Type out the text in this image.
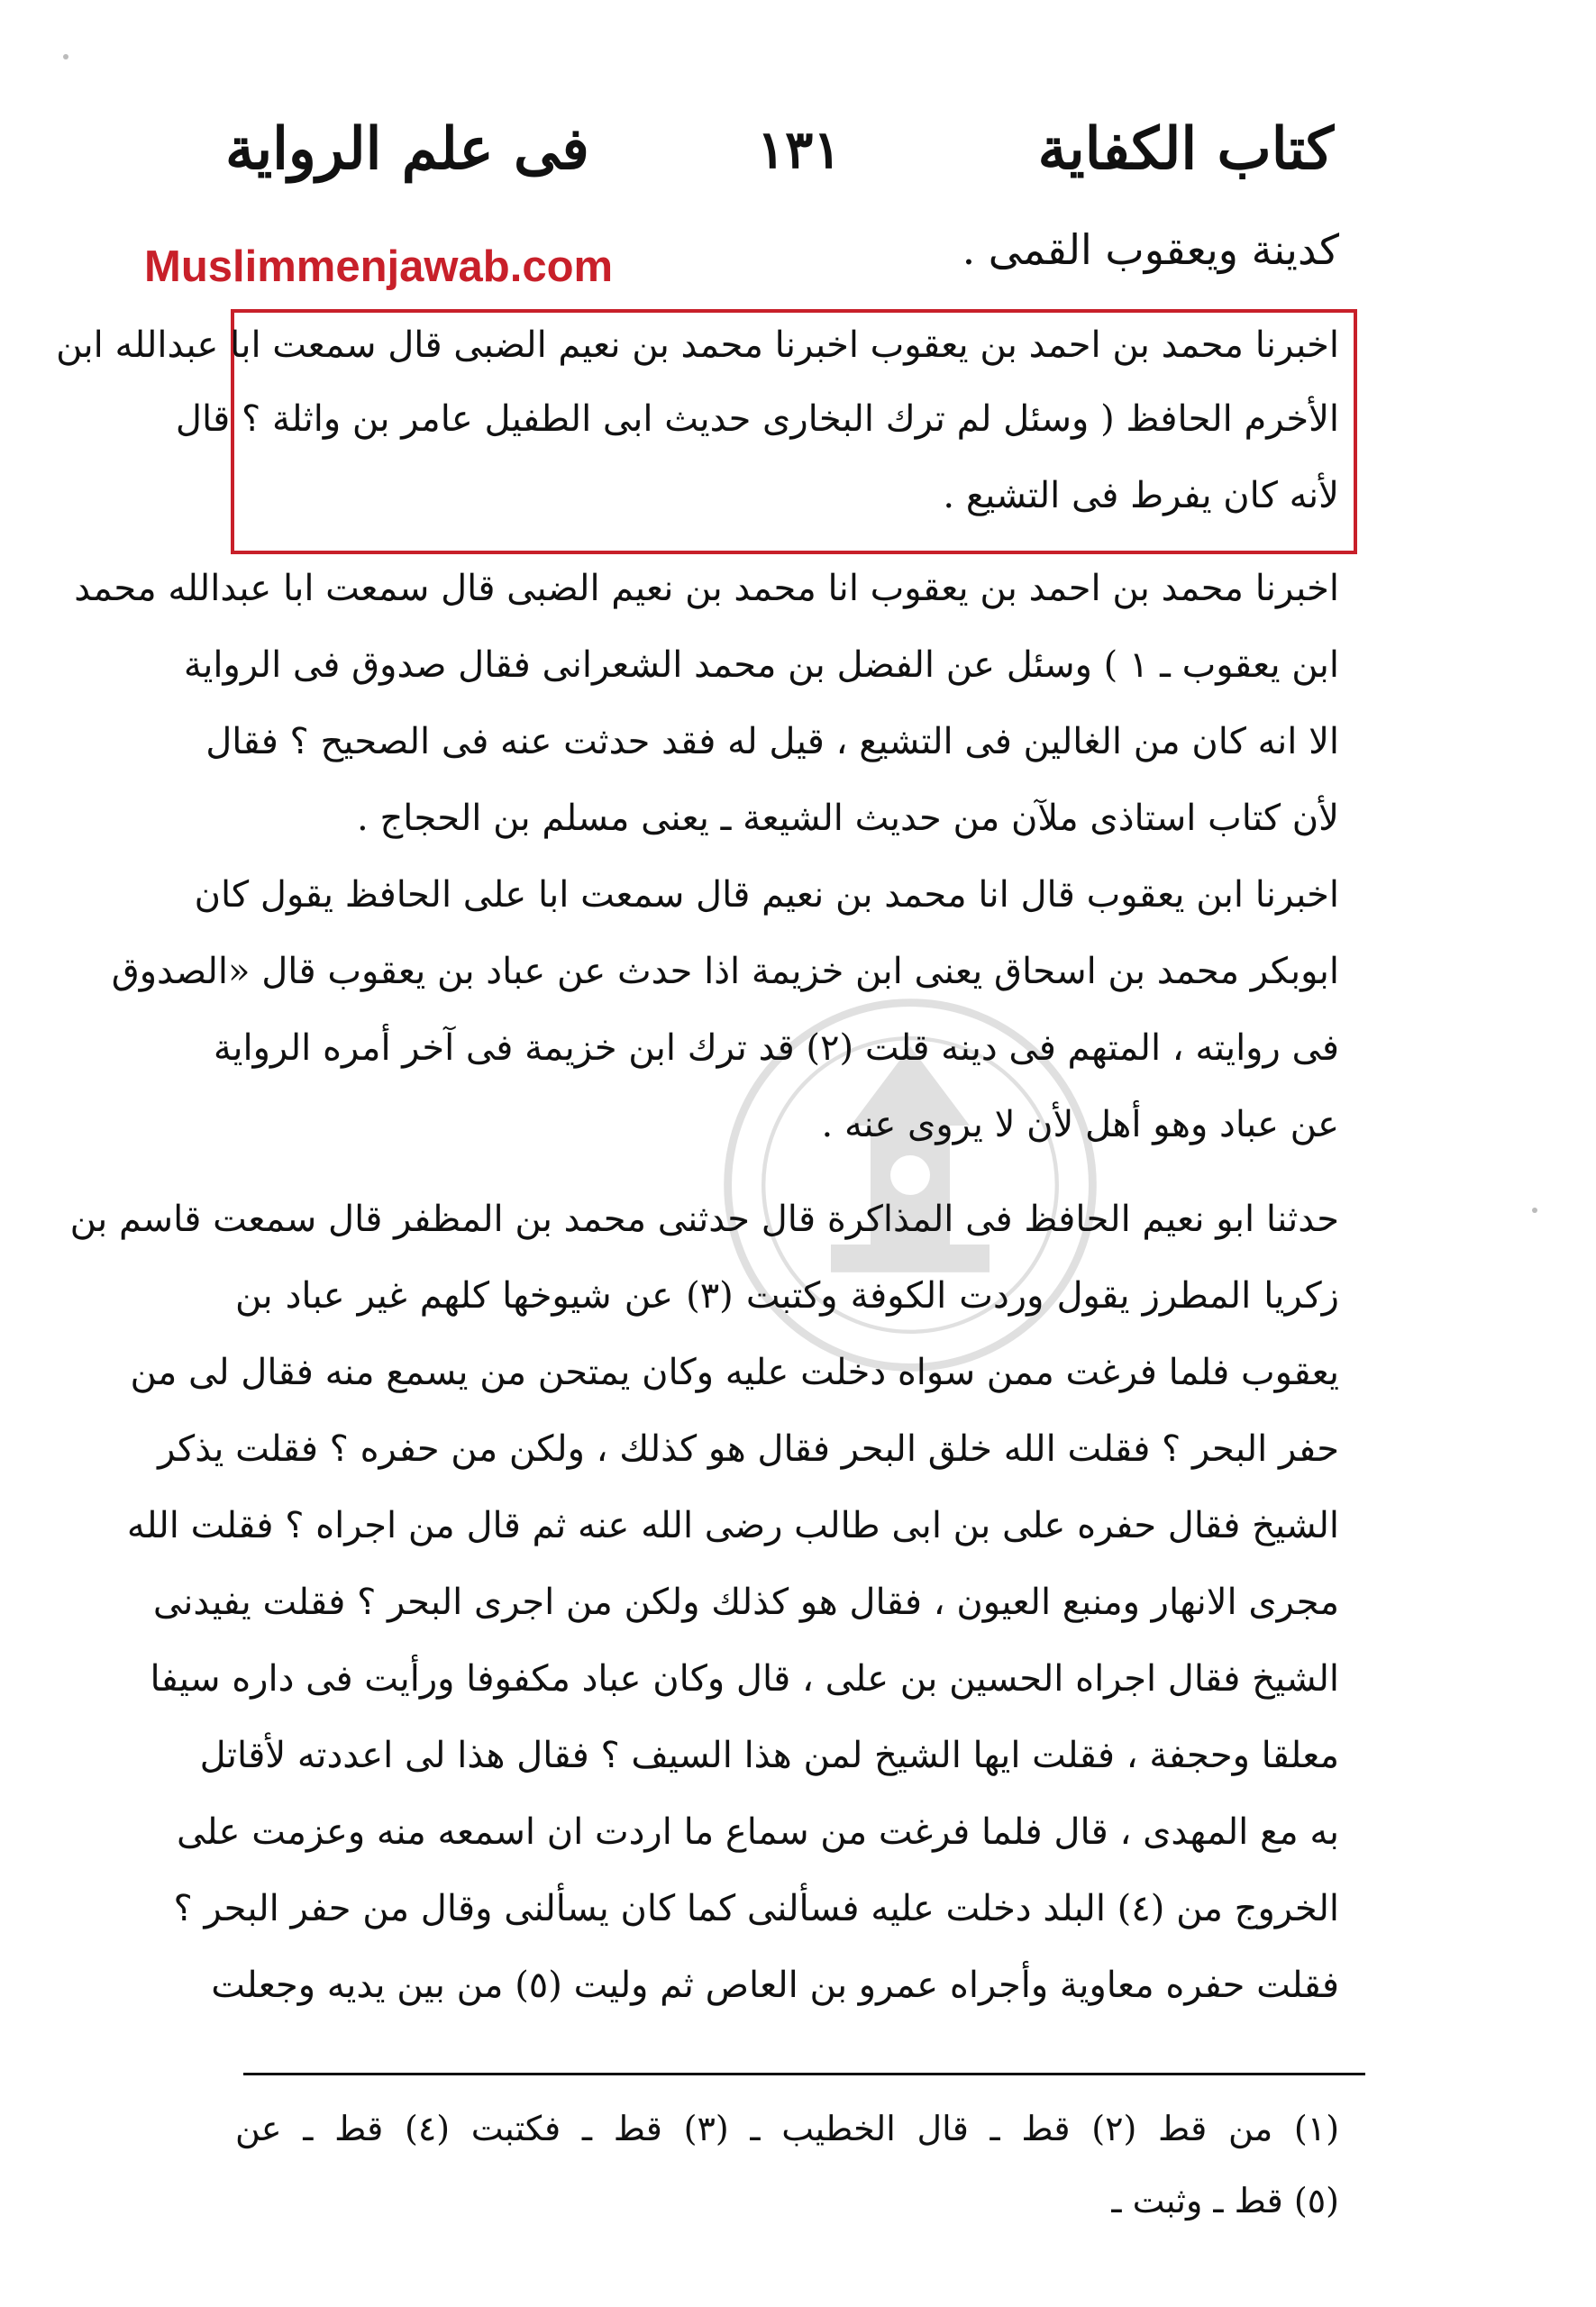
كتاب الكفاية
١٣١
فى علم الرواية
Muslimmenjawab.com	كدينة ويعقوب القمى .
اخبرنا محمد بن احمد بن يعقوب اخبرنا محمد بن نعيم الضبى قال سمعت ابا عبدالله ابن
الأخرم الحافظ ( وسئل لم ترك البخارى حديث ابى الطفيل عامر بن واثلة ؟ قال
لأنه كان يفرط فى التشيع .
اخبرنا محمد بن احمد بن يعقوب انا محمد بن نعيم الضبى قال سمعت ابا عبدالله محمد
ابن يعقوب ـ ١ ) وسئل عن الفضل بن محمد الشعرانى فقال صدوق فى الرواية
الا انه كان من الغالين فى التشيع ، قيل له فقد حدثت عنه فى الصحيح ؟ فقال
لأن كتاب استاذى ملآن من حديث الشيعة ـ يعنى مسلم بن الحجاج .
اخبرنا ابن يعقوب قال انا محمد بن نعيم قال سمعت ابا على الحافظ يقول كان
ابوبكر محمد بن اسحاق يعنى ابن خزيمة اذا حدث عن عباد بن يعقوب قال «الصدوق
فى روايته ، المتهم فى دينه قلت (٢) قد ترك ابن خزيمة فى آخر أمره الرواية
عن عباد وهو أهل لأن لا يروى عنه .
حدثنا ابو نعيم الحافظ فى المذاكرة قال حدثنى محمد بن المظفر قال سمعت قاسم بن
زكريا المطرز يقول وردت الكوفة وكتبت (٣) عن شيوخها كلهم غير عباد بن
يعقوب فلما فرغت ممن سواه دخلت عليه وكان يمتحن من يسمع منه فقال لى من
حفر البحر ؟ فقلت الله خلق البحر فقال هو كذلك ، ولكن من حفره ؟ فقلت يذكر
الشيخ فقال حفره على بن ابى طالب رضى الله عنه ثم قال من اجراه ؟ فقلت الله
مجرى الانهار ومنبع العيون ، فقال هو كذلك ولكن من اجرى البحر ؟ فقلت يفيدنى
الشيخ فقال اجراه الحسين بن على ، قال وكان عباد مكفوفا ورأيت فى داره سيفا
معلقا وحجفة ، فقلت ايها الشيخ لمن هذا السيف ؟ فقال هذا لى اعددته لأقاتل
به مع المهدى ، قال فلما فرغت من سماع ما اردت ان اسمعه منه وعزمت على
الخروج من (٤) البلد دخلت عليه فسألنى كما كان يسألنى وقال من حفر البحر ؟
فقلت حفره معاوية وأجراه عمرو بن العاص ثم وليت (٥) من بين يديه وجعلت
(١) من قط (٢) قط ـ قال الخطيب ـ (٣) قط ـ فكتبت (٤) قط ـ عن
(٥) قط ـ وثبت ـ
